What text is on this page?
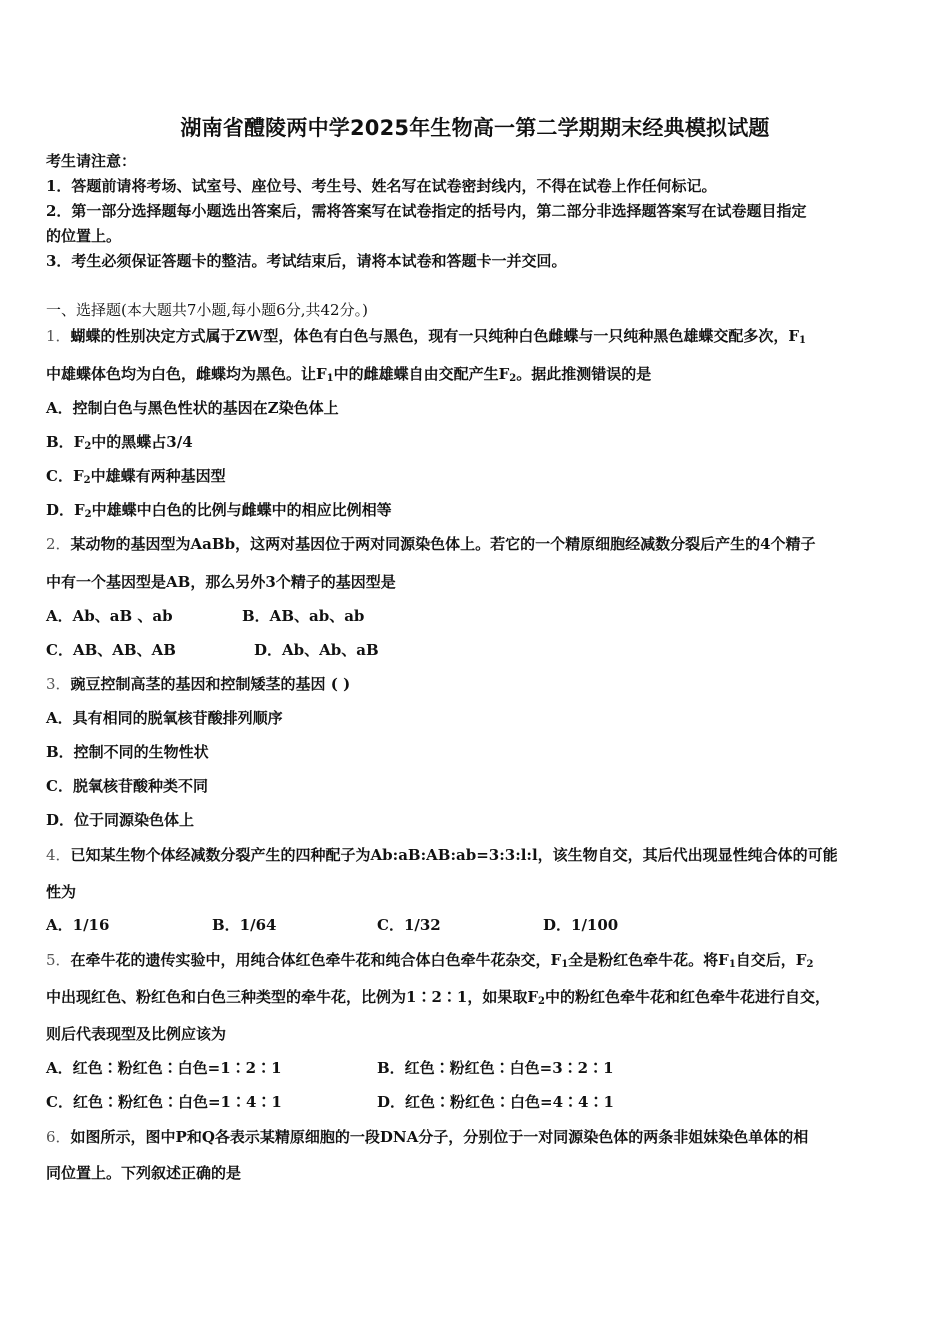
湖南省醴陵两中学2025年生物高一第二学期期末经典模拟试题
考生请注意：
1．答题前请将考场、试室号、座位号、考生号、姓名写在试卷密封线内，不得在试卷上作任何标记。
2．第一部分选择题每小题选出答案后，需将答案写在试卷指定的括号内，第二部分非选择题答案写在试卷题目指定
的位置上。
3．考生必须保证答题卡的整洁。考试结束后，请将本试卷和答题卡一并交回。
一、选择题(本大题共7小题,每小题6分,共42分。)
1．蝴蝶的性别决定方式属于ZW型，体色有白色与黑色，现有一只纯种白色雌蝶与一只纯种黑色雄蝶交配多次，$F_1$
中雄蝶体色均为白色，雌蝶均为黑色。让$F_1$中的雌雄蝶自由交配产生$F_2$。据此推测错误的是
A．控制白色与黑色性状的基因在Z染色体上
B．$F_2$中的黑蝶占3/4
C．$F_2$中雄蝶有两种基因型
D．$F_2$中雄蝶中白色的比例与雌蝶中的相应比例相等
2．某动物的基因型为AaBb，这两对基因位于两对同源染色体上。若它的一个精原细胞经减数分裂后产生的4个精子
中有一个基因型是AB，那么另外3个精子的基因型是
A．Ab、aB 、ab	B．AB、ab、ab
C．AB、AB、AB	D．Ab、Ab、aB
3．豌豆控制高茎的基因和控制矮茎的基因 ( )
A．具有相同的脱氧核苷酸排列顺序
B．控制不同的生物性状
C．脱氧核苷酸种类不同
D．位于同源染色体上
4．已知某生物个体经减数分裂产生的四种配子为Ab:aB:AB:ab=3:3:l:l，该生物自交，其后代出现显性纯合体的可能
性为
A．1/16	B．1/64	C．1/32	D．1/100
5．在牵牛花的遗传实验中，用纯合体红色牵牛花和纯合体白色牵牛花杂交，$F_1$全是粉红色牵牛花。将$F_1$自交后，$F_2$
中出现红色、粉红色和白色三种类型的牵牛花，比例为1∶2∶1，如果取$F_2$中的粉红色牵牛花和红色牵牛花进行自交，
则后代表现型及比例应该为
A．红色∶粉红色∶白色=1∶2∶1	B．红色∶粉红色∶白色=3∶2∶1
C．红色∶粉红色∶白色=1∶4∶1	D．红色∶粉红色∶白色=4∶4∶1
6．如图所示，图中P和Q各表示某精原细胞的一段DNA分子，分别位于一对同源染色体的两条非姐妹染色单体的相
同位置上。下列叙述正确的是
